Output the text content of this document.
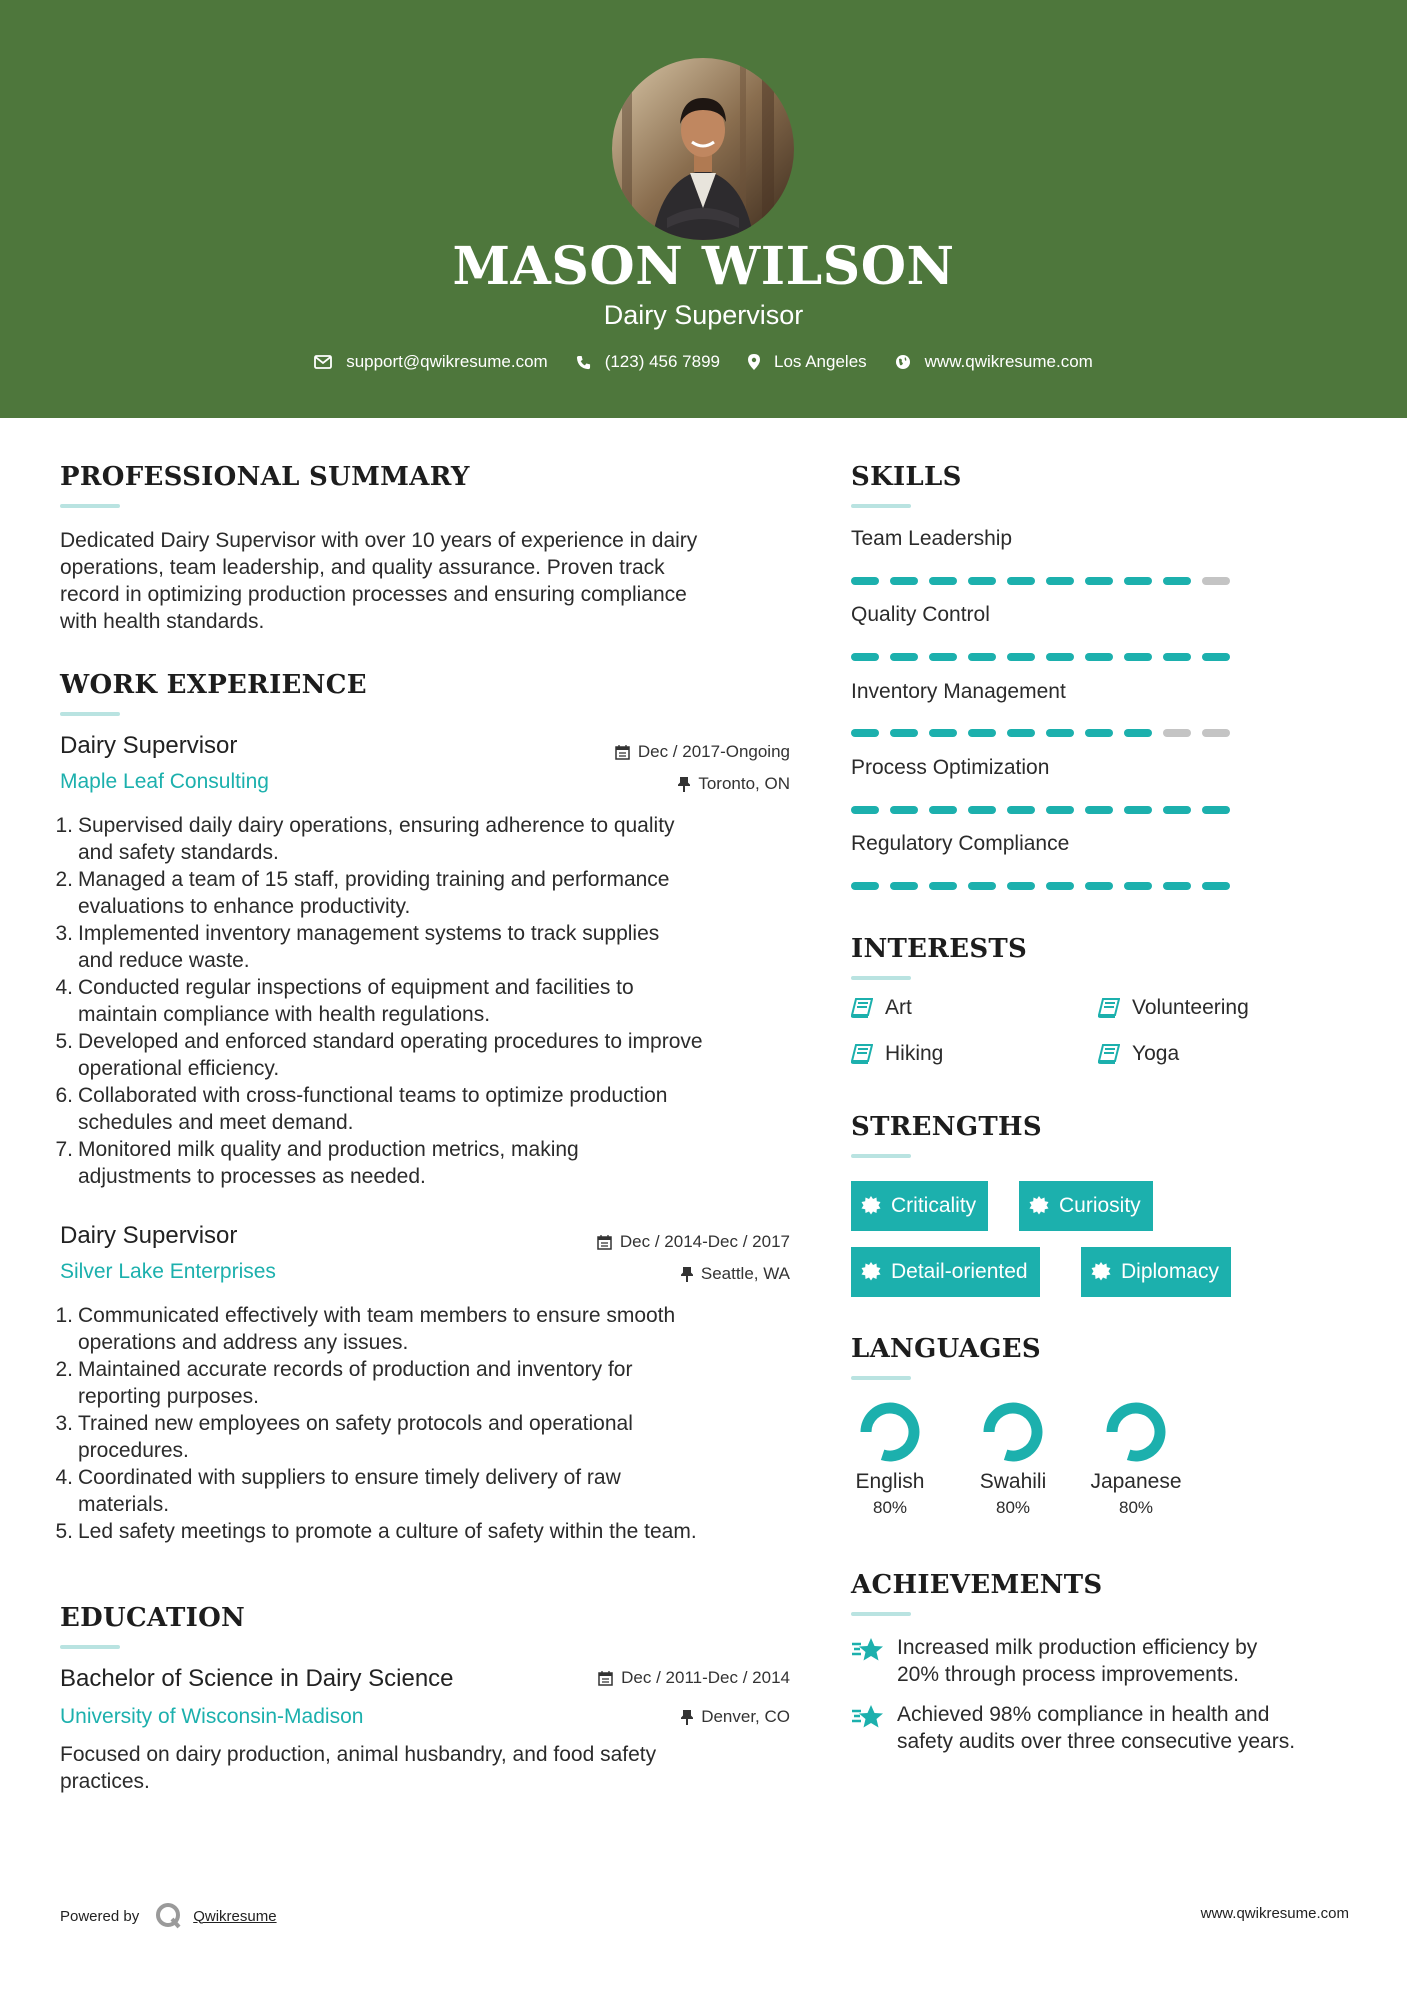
MASON WILSON
Dairy Supervisor
support@qwikresume.com	(123) 456 7899	Los Angeles	www.qwikresume.com
PROFESSIONAL SUMMARY
Dedicated Dairy Supervisor with over 10 years of experience in dairy
operations, team leadership, and quality assurance. Proven track
record in optimizing production processes and ensuring compliance
with health standards.
WORK EXPERIENCE
Dairy Supervisor	Dec / 2017-Ongoing
Maple Leaf Consulting	Toronto, ON
1. Supervised daily dairy operations, ensuring adherence to quality
and safety standards.
2. Managed a team of 15 staff, providing training and performance
evaluations to enhance productivity.
3. Implemented inventory management systems to track supplies
and reduce waste.
4. Conducted regular inspections of equipment and facilities to
maintain compliance with health regulations.
5. Developed and enforced standard operating procedures to improve
operational efficiency.
6. Collaborated with cross-functional teams to optimize production
schedules and meet demand.
7. Monitored milk quality and production metrics, making
adjustments to processes as needed.
Dairy Supervisor	Dec / 2014-Dec / 2017
Silver Lake Enterprises	Seattle, WA
1. Communicated effectively with team members to ensure smooth
operations and address any issues.
2. Maintained accurate records of production and inventory for
reporting purposes.
3. Trained new employees on safety protocols and operational
procedures.
4. Coordinated with suppliers to ensure timely delivery of raw
materials.
5. Led safety meetings to promote a culture of safety within the team.
EDUCATION
Bachelor of Science in Dairy Science	Dec / 2011-Dec / 2014
University of Wisconsin-Madison	Denver, CO
Focused on dairy production, animal husbandry, and food safety
practices.
SKILLS
Team Leadership
Quality Control
Inventory Management
Process Optimization
Regulatory Compliance
INTERESTS
Art	Volunteering
Hiking	Yoga
STRENGTHS
Criticality	Curiosity
Detail-oriented	Diplomacy
LANGUAGES
English
80%
Swahili
80%
Japanese
80%
ACHIEVEMENTS
Increased milk production efficiency by
20% through process improvements.
Achieved 98% compliance in health and
safety audits over three consecutive years.
Powered by	Qwikresume	www.qwikresume.com
